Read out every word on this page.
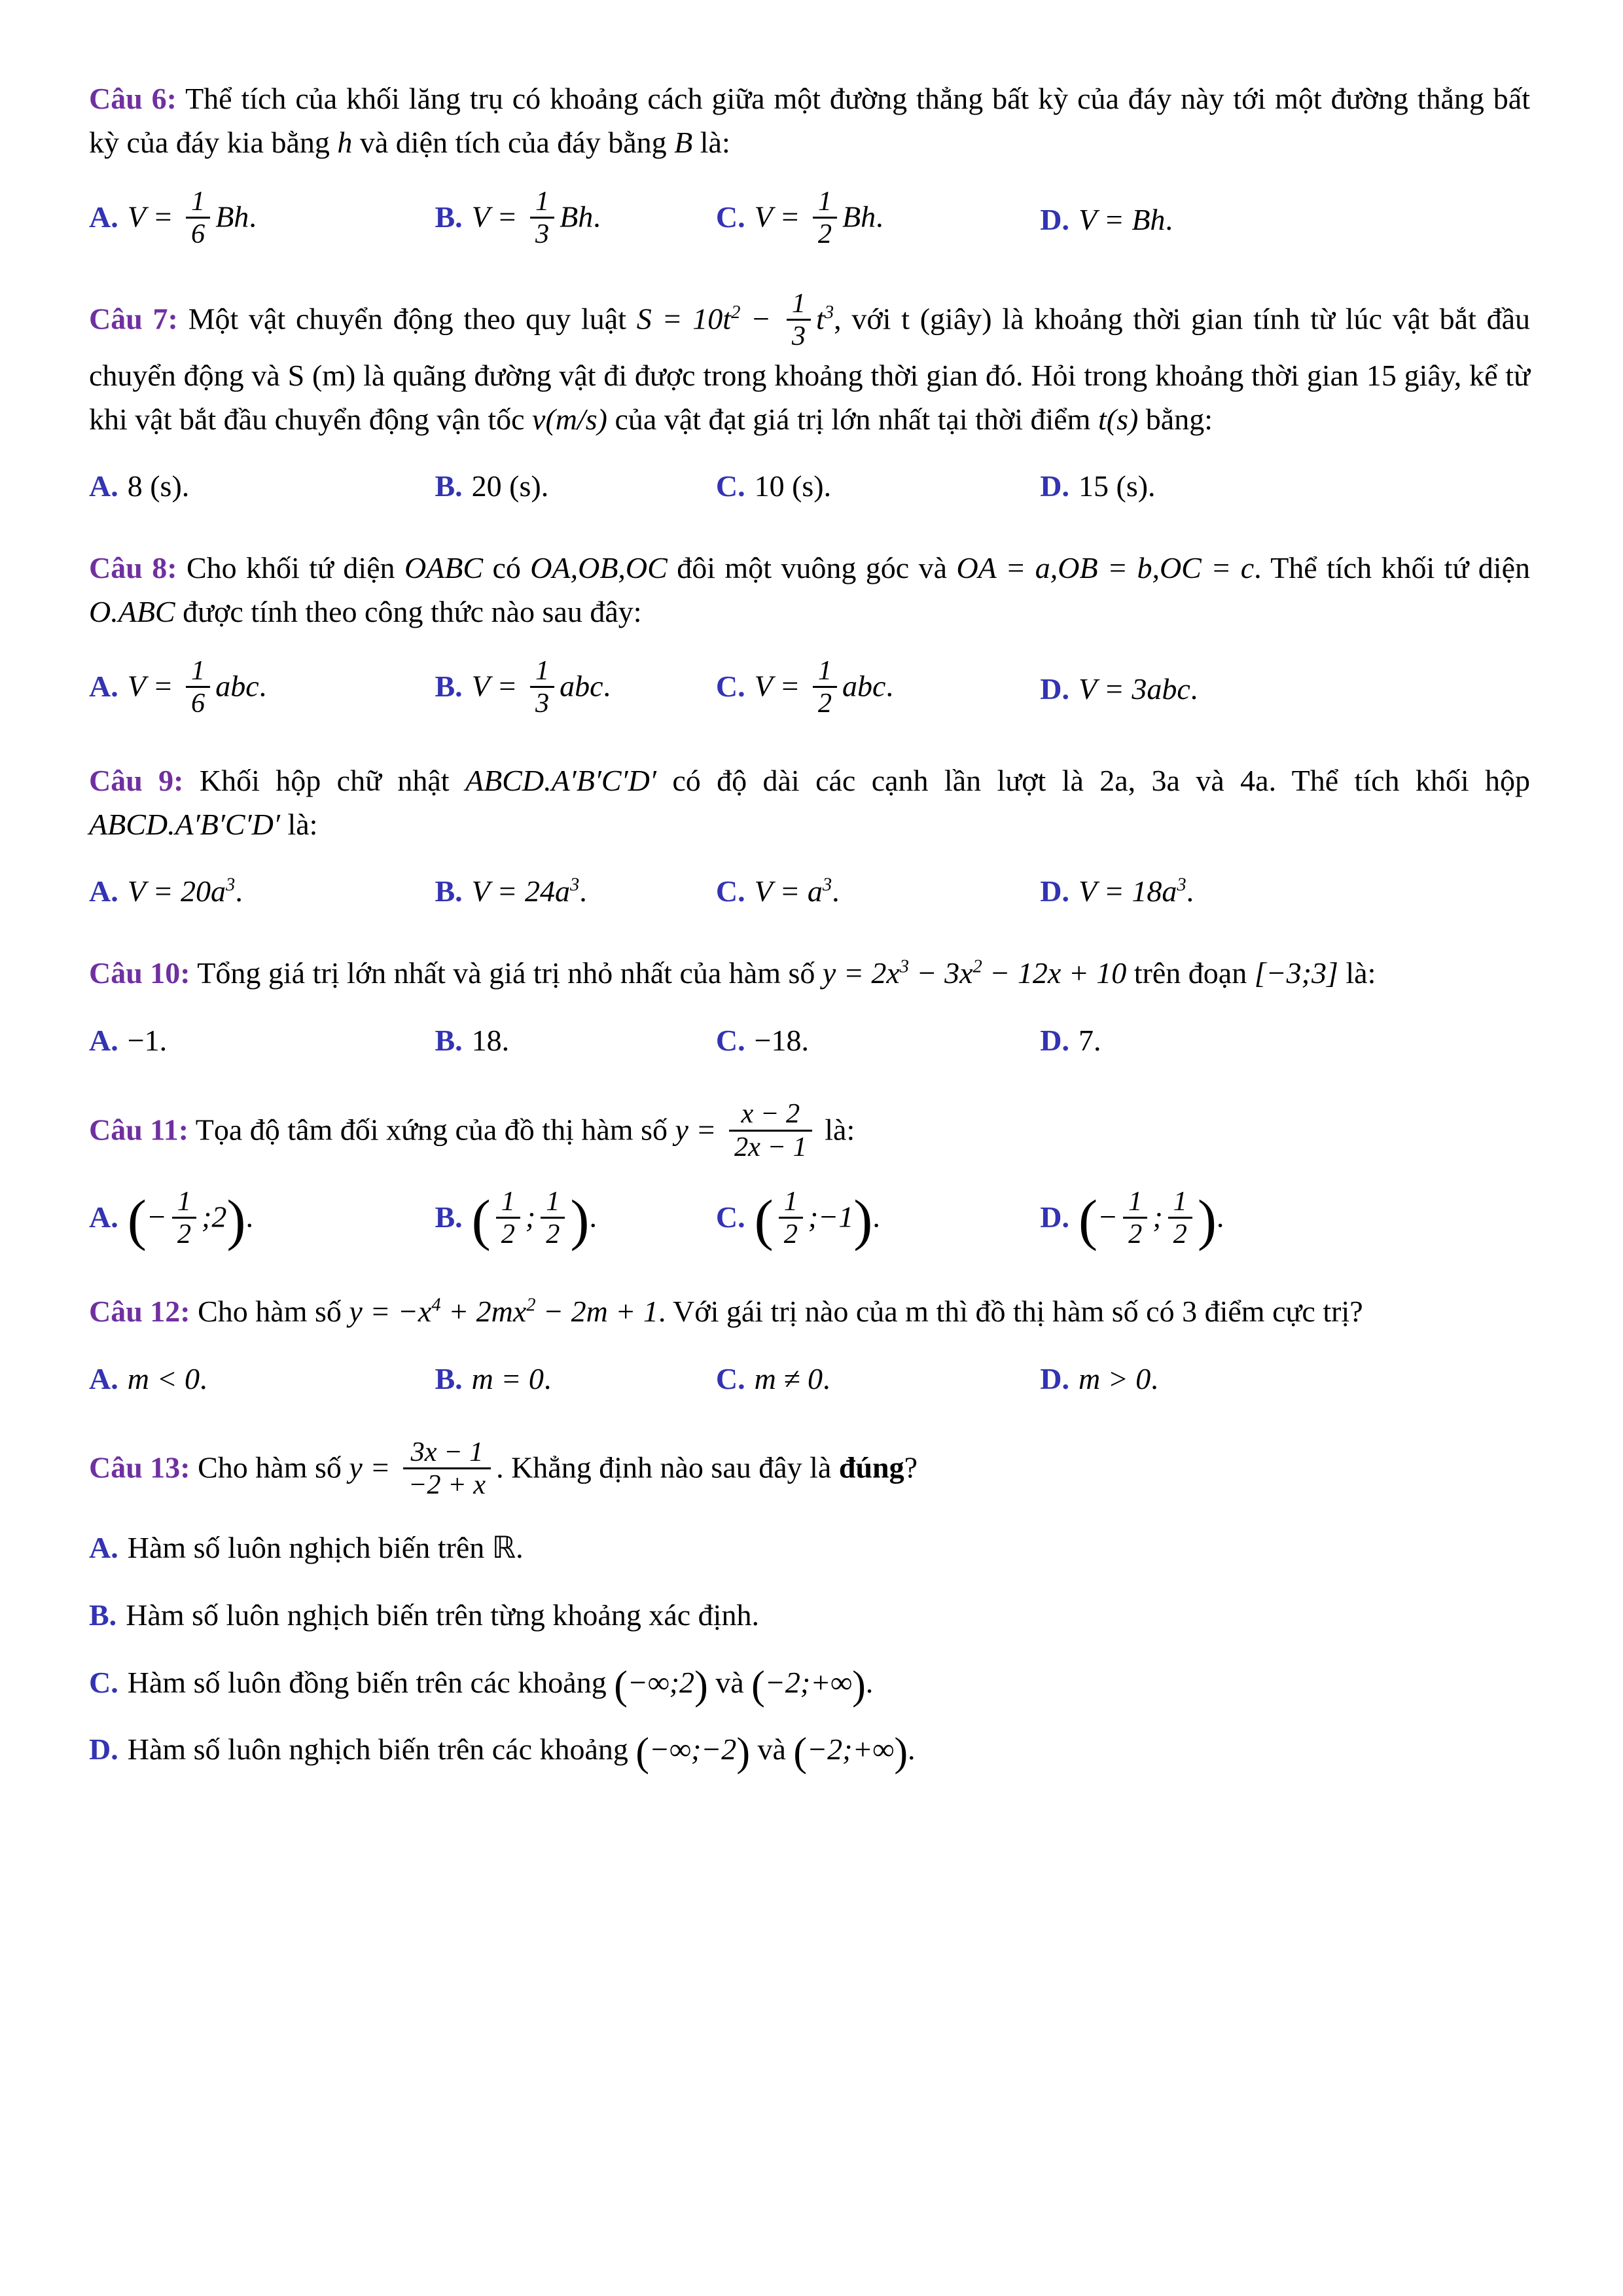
Câu 6: Thể tích của khối lăng trụ có khoảng cách giữa một đường thẳng bất kỳ của đáy này tới một đường thẳng bất kỳ của đáy kia bằng h và diện tích của đáy bằng B là:

A. $V = \frac{1}{6} Bh$.	B. $V = \frac{1}{3} Bh$.	C. $V = \frac{1}{2} Bh$.	D. V = Bh.

Câu 7: Một vật chuyển động theo quy luật $S = 10t^2 - \frac{1}{3} t^3$, với t (giây) là khoảng thời gian tính từ lúc vật bắt đầu chuyển động và S (m) là quãng đường vật đi được trong khoảng thời gian đó. Hỏi trong khoảng thời gian 15 giây, kể từ khi vật bắt đầu chuyển động vận tốc v(m/s) của vật đạt giá trị lớn nhất tại thời điểm t(s) bằng:

A. 8 (s).	B. 20 (s).	C. 10 (s).	D. 15 (s).

Câu 8: Cho khối tứ diện OABC có OA,OB,OC đôi một vuông góc và OA = a,OB = b,OC = c. Thể tích khối tứ diện O.ABC được tính theo công thức nào sau đây:

A. $V = \frac{1}{6}$ abc.	B. $V = \frac{1}{3}$ abc.	C. $V = \frac{1}{2}$ abc.	D. V = 3abc.

Câu 9: Khối hộp chữ nhật ABCD.A′B′C′D′ có độ dài các cạnh lần lượt là 2a, 3a và 4a. Thể tích khối hộp ABCD.A′B′C′D′ là:

A. $V = 20a^3$.	B. $V = 24a^3$.	C. $V = a^3$.	D. $V = 18a^3$.

Câu 10: Tổng giá trị lớn nhất và giá trị nhỏ nhất của hàm số $y = 2x^3 - 3x^2 - 12x + 10$ trên đoạn [−3;3] là:

A. −1.	B. 18.	C. −18.	D. 7.

Câu 11: Tọa độ tâm đối xứng của đồ thị hàm số $y = \frac{x - 2}{2x - 1}$ là:

A. (− $\frac{1}{2}$ ;2).	B. ( $\frac{1}{2}$ ; $\frac{1}{2}$ ).	C. ( $\frac{1}{2}$ ;−1).	D. (− $\frac{1}{2}$ ; $\frac{1}{2}$ ).

Câu 12: Cho hàm số $y = -x^4 + 2mx^2 - 2m + 1$. Với gái trị nào của m thì đồ thị hàm số có 3 điểm cực trị?

A. m < 0.	B. m = 0.	C. m ≠ 0.	D. m > 0.

Câu 13: Cho hàm số $y = \frac{3x - 1}{-2 + x}$ . Khẳng định nào sau đây là đúng?

A. Hàm số luôn nghịch biến trên ℝ.
B. Hàm số luôn nghịch biến trên từng khoảng xác định.
C. Hàm số luôn đồng biến trên các khoảng (−∞;2) và (−2;+∞).
D. Hàm số luôn nghịch biến trên các khoảng (−∞;−2) và (−2;+∞).
